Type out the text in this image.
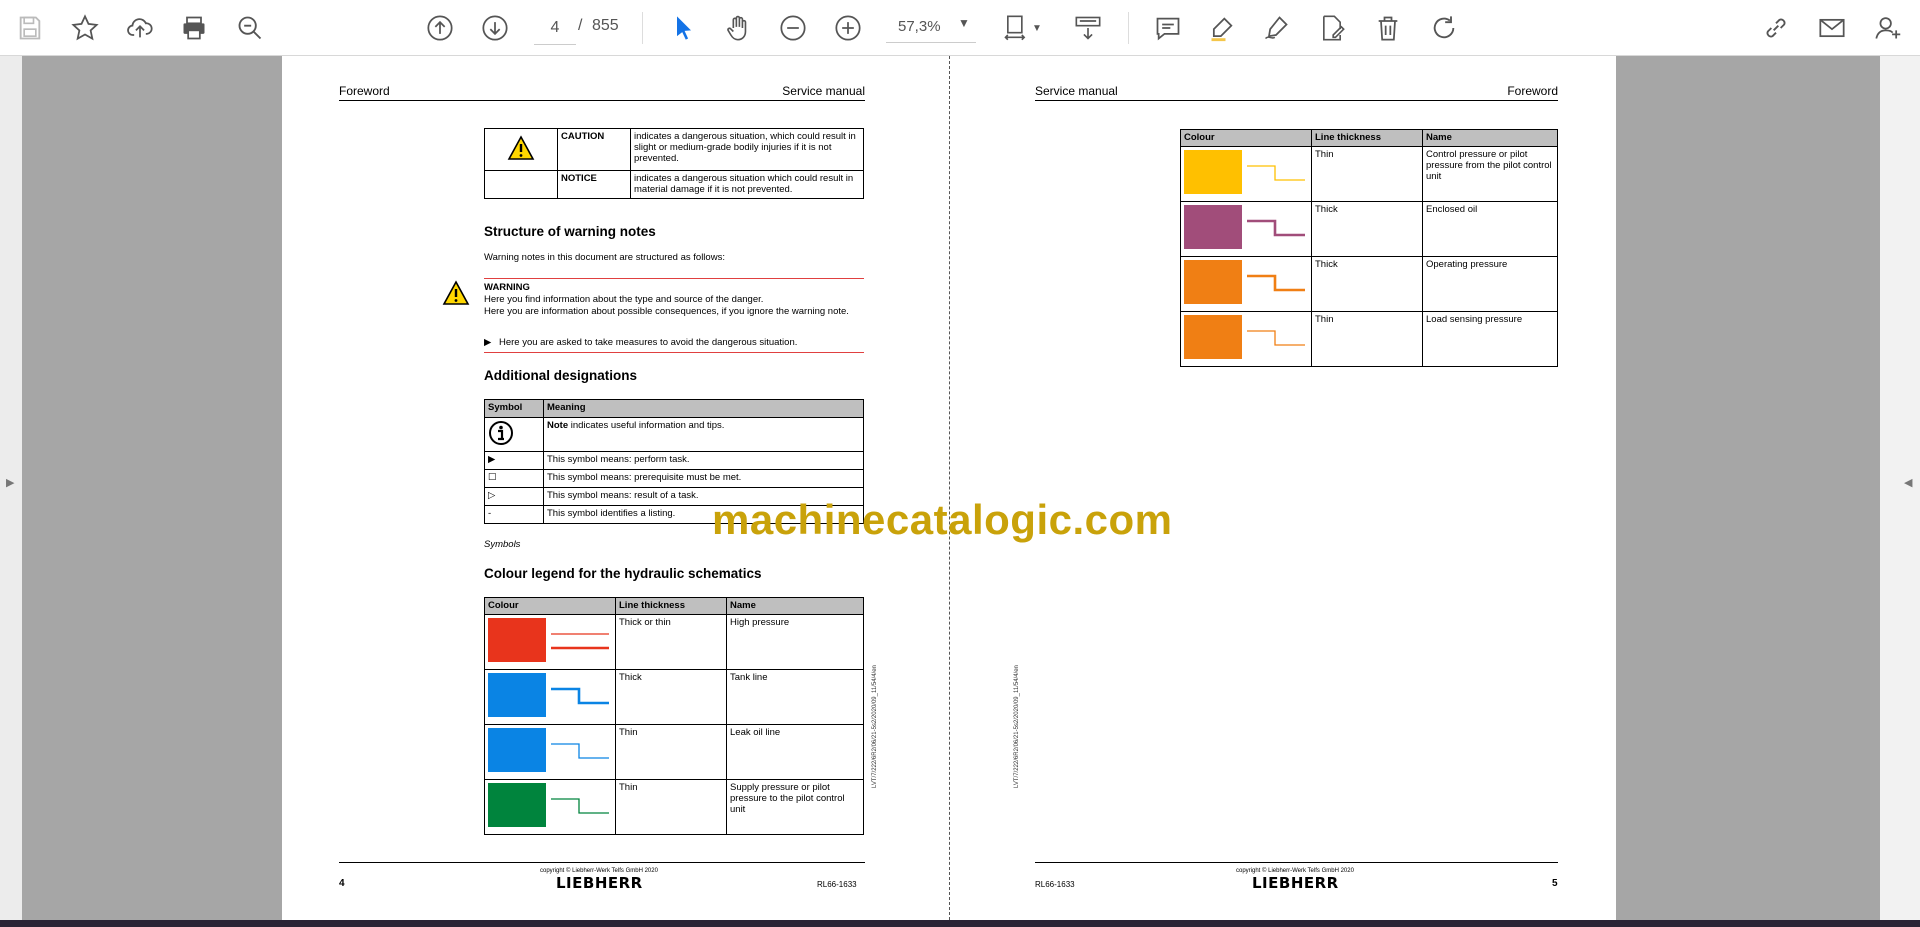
4
/ 855	57,3% ▼	▼
▶
Foreword	Service manual
	CAUTION	indicates a dangerous situation, which could result in slight or medium-grade bodily injuries if it is not prevented.
	NOTICE	indicates a dangerous situation which could result in material damage if it is not prevented.
Structure of warning notes
Warning notes in this document are structured as follows:
WARNING
Here you find information about the type and source of the danger.
Here you are information about possible consequences, if you ignore the warning note.
▶ Here you are asked to take measures to avoid the dangerous situation.
Additional designations
Symbol	Meaning
	Note indicates useful information and tips.
▶	This symbol means: perform task.
☐	This symbol means: prerequisite must be met.
▷	This symbol means: result of a task.
-	This symbol identifies a listing.
Symbols
Colour legend for the hydraulic schematics
Colour	Line thickness	Name
	Thick or thin	High pressure
	Thick	Tank line
	Thin	Leak oil line
	Thin	Supply pressure or pilot pressure to the pilot control unit
LVT/7/222/6R2/06/21-5s2/2020/09_11/54/4/en
copyright © Liebherr-Werk Telfs GmbH 2020
LIEBHERR
4	RL66-1633
Service manual	Foreword
Colour	Line thickness	Name
	Thin	Control pressure or pilot pressure from the pilot control unit
	Thick	Enclosed oil
	Thick	Operating pressure
	Thin	Load sensing pressure
LVT/7/222/6R2/06/21-5s2/2020/09_11/54/4/en
copyright © Liebherr-Werk Telfs GmbH 2020
LIEBHERR
RL66-1633	5
machinecatalogic.com
◀
